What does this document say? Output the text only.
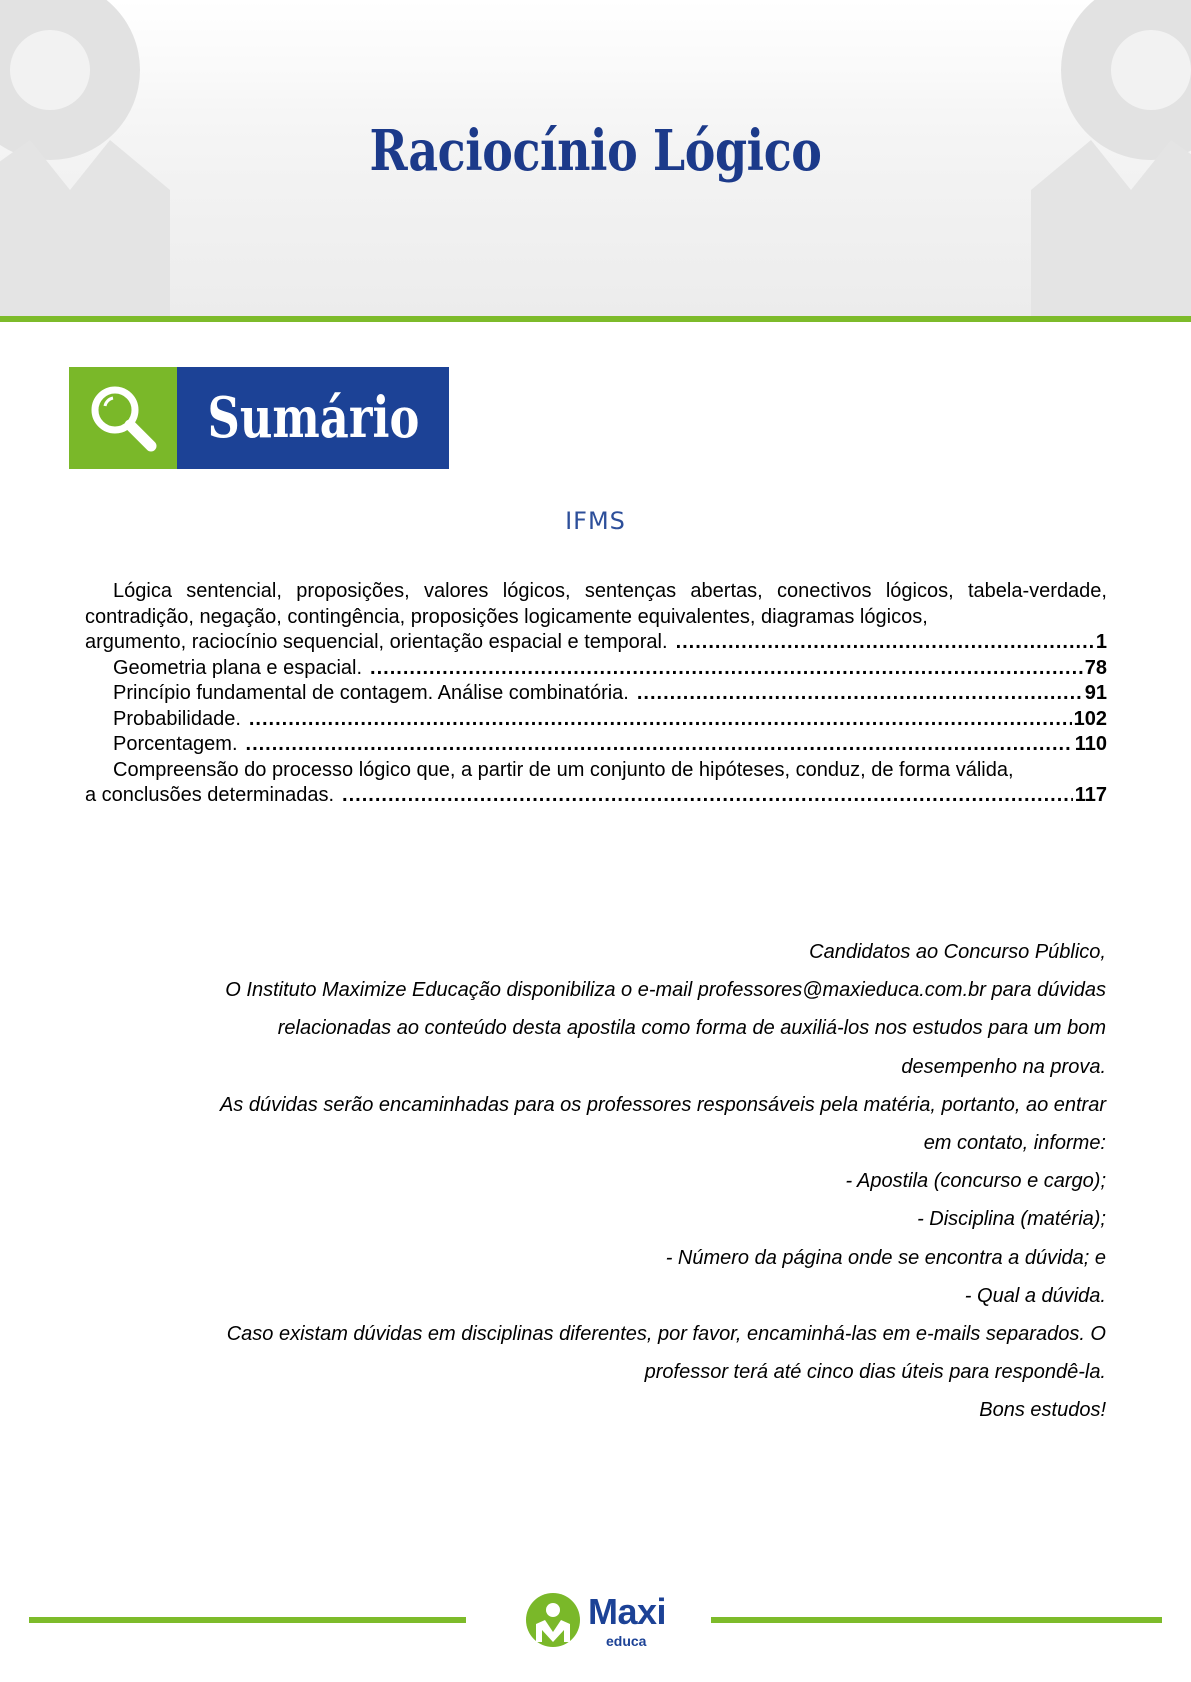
Raciocínio Lógico
Sumário
IFMS
Lógica sentencial, proposições, valores lógicos, sentenças abertas, conectivos lógicos, tabela-verdade, contradição, negação, contingência, proposições logicamente equivalentes, diagramas lógicos,
argumento, raciocínio sequencial, orientação espacial e temporal. .....	1
Geometria plana e espacial. .....	78
Princípio fundamental de contagem. Análise combinatória. .....	91
Probabilidade. .....	102
Porcentagem. .....	110
Compreensão do processo lógico que, a partir de um conjunto de hipóteses, conduz, de forma válida,
a conclusões determinadas. .....	117

Candidatos ao Concurso Público,

O Instituto Maximize Educação disponibiliza o e-mail professores@maxieduca.com.br para dúvidas

relacionadas ao conteúdo desta apostila como forma de auxiliá-los nos estudos para um bom

desempenho na prova.

As dúvidas serão encaminhadas para os professores responsáveis pela matéria, portanto, ao entrar

em contato, informe:

- Apostila (concurso e cargo);

- Disciplina (matéria);

- Número da página onde se encontra a dúvida; e

- Qual a dúvida.

Caso existam dúvidas em disciplinas diferentes, por favor, encaminhá-las em e-mails separados. O

professor terá até cinco dias úteis para respondê-la.

Bons estudos!

Maxi
educa
